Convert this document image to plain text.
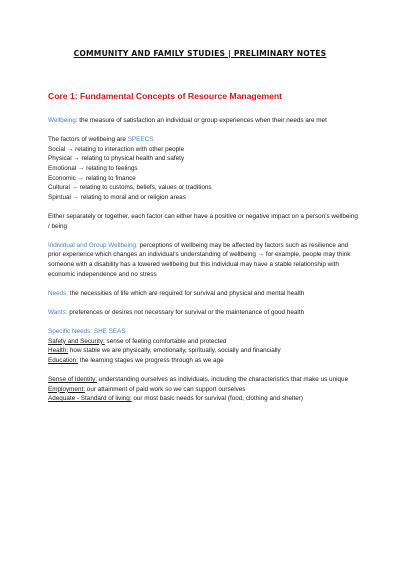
COMMUNITY AND FAMILY STUDIES | PRELIMINARY NOTES
Core 1: Fundamental Concepts of Resource Management

Wellbeing: the measure of satisfaction an individual or group experiences when their needs are met

The factors of wellbeing are SPEECS
Social → relating to interaction with other people
Physical → relating to physical health and safety
Emotional → relating to feelings
Economic → relating to finance
Cultural → relating to customs, beliefs, values or traditions
Spiritual → relating to moral and or religion areas

Either separately or together, each factor can either have a positive or negative impact on a person’s wellbeing / being

Individual and Group Wellbeing: perceptions of wellbeing may be affected by factors such as resilience and prior experience which changes an individual’s understanding of wellbeing → for example, people may think someone with a disability has a lowered wellbeing but this individual may have a stable relationship with economic independence and no stress

Needs: the necessities of life which are required for survival and physical and mental health

Wants: preferences or desires not necessary for survival or the maintenance of good health

Specific Needs: SHE SEAS
Safety and Security: sense of feeling comfortable and protected
Health: how stable we are physically, emotionally, spiritually, socially and financially
Education: the learning stages we progress through as we age
Sense of Identity: understanding ourselves as individuals, including the characteristics that make us unique
Employment: our attainment of paid work so we can support ourselves
Adequate - Standard of living: our most basic needs for survival (food, clothing and shelter)
